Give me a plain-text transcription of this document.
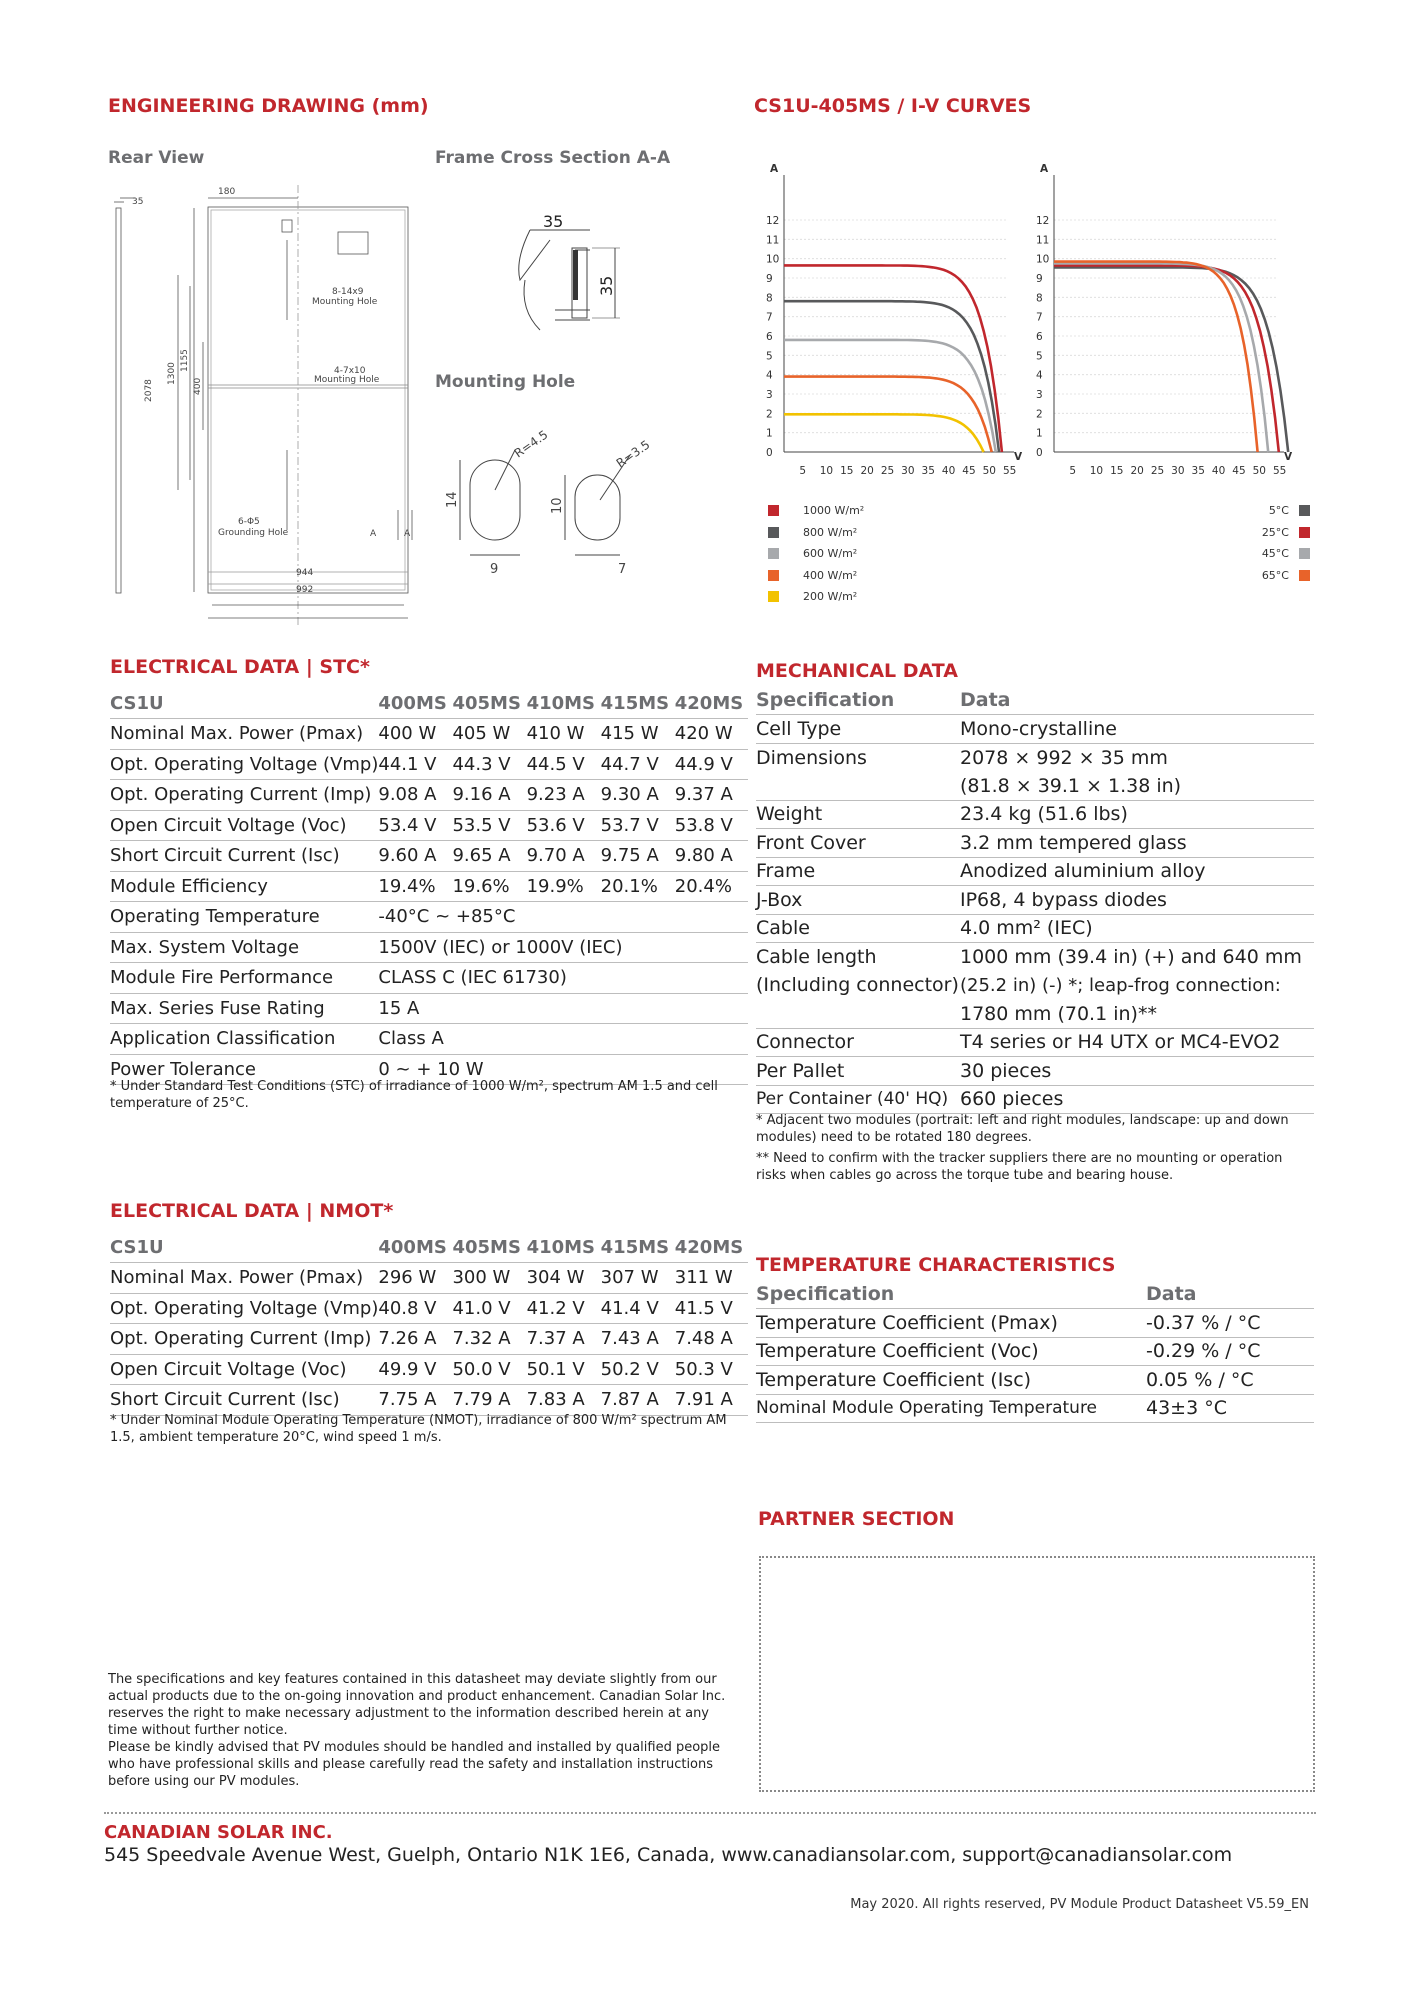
ENGINEERING DRAWING (mm)	CS1U-405MS / I-V CURVES
Rear View	Frame Cross Section A-A
Mounting Hole
35
180
2078
1300
1155
400
8-14x9
Mounting Hole
4-7x10
Mounting Hole
6-Φ5
Grounding Hole	A	A
944
992
35
35
R=4.5	R=3.5
14	10
9	7
0
1
2
3
4
5
6
7
8
9
10
11
12
5 10 15 20 25 30 35 40 45 50 55
A
V 0
1
2
3
4
5
6
7
8
9
10
11
12
5 10 15 20 25 30 35 40 45 50 55
A
V
1000 W/m²
800 W/m²
600 W/m²
400 W/m²
200 W/m²
5°C
25°C
45°C
65°C
ELECTRICAL DATA | STC*
CS1U	400MS	405MS	410MS	415MS	420MS
Nominal Max. Power (Pmax)	400 W	405 W	410 W	415 W	420 W
Opt. Operating Voltage (Vmp)	44.1 V	44.3 V	44.5 V	44.7 V	44.9 V
Opt. Operating Current (Imp)	9.08 A	9.16 A	9.23 A	9.30 A	9.37 A
Open Circuit Voltage (Voc)	53.4 V	53.5 V	53.6 V	53.7 V	53.8 V
Short Circuit Current (Isc)	9.60 A	9.65 A	9.70 A	9.75 A	9.80 A
Module Efficiency	19.4%	19.6%	19.9%	20.1%	20.4%
Operating Temperature	-40°C ~ +85°C				
Max. System Voltage	1500V (IEC) or 1000V (IEC)				
Module Fire Performance	CLASS C (IEC 61730)				
Max. Series Fuse Rating	15 A				
Application Classification	Class A				
Power Tolerance	0 ~ + 10 W				
* Under Standard Test Conditions (STC) of irradiance of 1000 W/m², spectrum AM 1.5 and cell temperature of 25°C.
ELECTRICAL DATA | NMOT*
CS1U	400MS	405MS	410MS	415MS	420MS
Nominal Max. Power (Pmax)	296 W	300 W	304 W	307 W	311 W
Opt. Operating Voltage (Vmp)	40.8 V	41.0 V	41.2 V	41.4 V	41.5 V
Opt. Operating Current (Imp)	7.26 A	7.32 A	7.37 A	7.43 A	7.48 A
Open Circuit Voltage (Voc)	49.9 V	50.0 V	50.1 V	50.2 V	50.3 V
Short Circuit Current (Isc)	7.75 A	7.79 A	7.83 A	7.87 A	7.91 A
* Under Nominal Module Operating Temperature (NMOT), irradiance of 800 W/m² spectrum AM 1.5, ambient temperature 20°C, wind speed 1 m/s.
MECHANICAL DATA
Specification	Data
Cell Type	Mono-crystalline
Dimensions	2078 × 992 × 35 mm
	(81.8 × 39.1 × 1.38 in)
Weight	23.4 kg (51.6 lbs)
Front Cover	3.2 mm tempered glass
Frame	Anodized aluminium alloy
J-Box	IP68, 4 bypass diodes
Cable	4.0 mm² (IEC)
Cable length	1000 mm (39.4 in) (+) and 640 mm
(Including connector)	(25.2 in) (-) *; leap-frog connection:
	1780 mm (70.1 in)**
Connector	T4 series or H4 UTX or MC4-EVO2
Per Pallet	30 pieces
Per Container (40' HQ)	660 pieces
* Adjacent two modules (portrait: left and right modules, landscape: up and down modules) need to be rotated 180 degrees.
** Need to confirm with the tracker suppliers there are no mounting or operation risks when cables go across the torque tube and bearing house.
TEMPERATURE CHARACTERISTICS
Specification	Data
Temperature Coefficient (Pmax)	-0.37 % / °C
Temperature Coefficient (Voc)	-0.29 % / °C
Temperature Coefficient (Isc)	0.05 % / °C
Nominal Module Operating Temperature	43±3 °C
PARTNER SECTION
The specifications and key features contained in this datasheet may deviate slightly from our actual products due to the on-going innovation and product enhancement. Canadian Solar Inc. reserves the right to make necessary adjustment to the information described herein at any time without further notice.
Please be kindly advised that PV modules should be handled and installed by qualified people who have professional skills and please carefully read the safety and installation instructions before using our PV modules.
CANADIAN SOLAR INC.
545 Speedvale Avenue West, Guelph, Ontario N1K 1E6, Canada, www.canadiansolar.com, support@canadiansolar.com
May 2020. All rights reserved, PV Module Product Datasheet V5.59_EN
